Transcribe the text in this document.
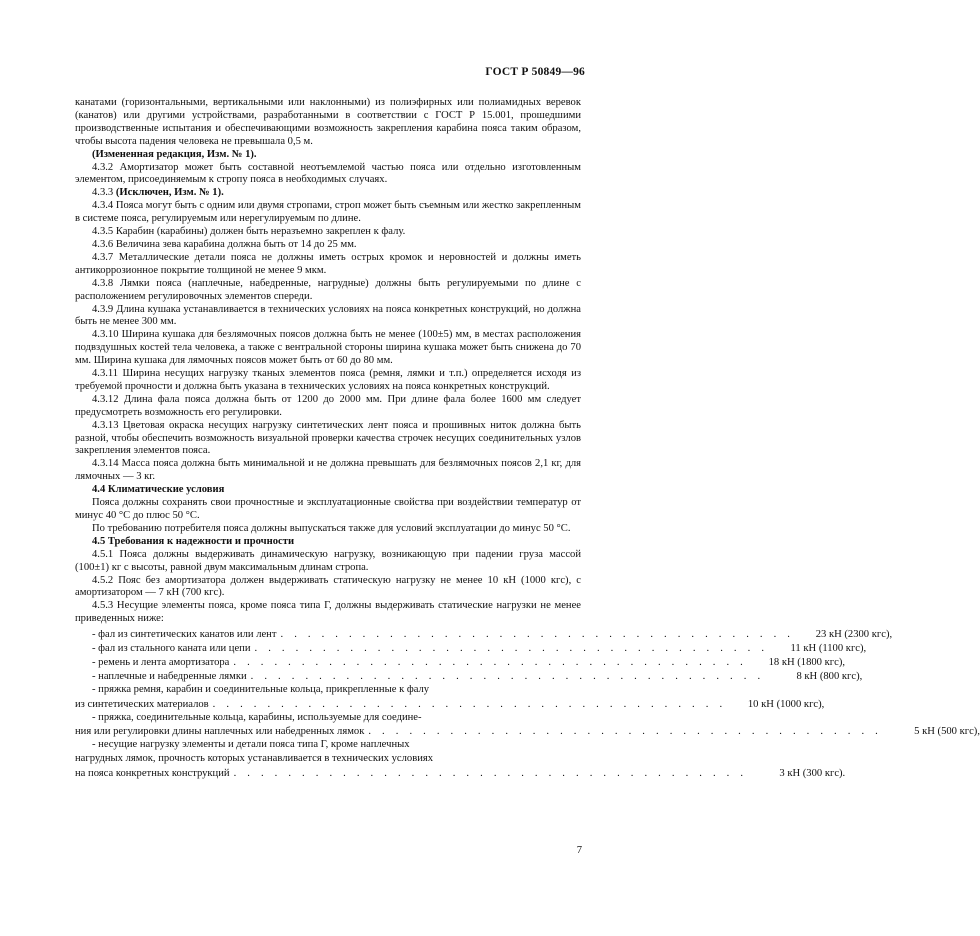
ГОСТ Р 50849—96

канатами (горизонтальными, вертикальными или наклонными) из полиэфирных или полиамидных веревок (канатов) или другими устройствами, разработанными в соответствии с ГОСТ Р 15.001, прошедшими производственные испытания и обеспечивающими возможность закрепления карабина пояса таким образом, чтобы высота падения человека не превышала 0,5 м.

(Измененная редакция, Изм. № 1).

4.3.2 Амортизатор может быть составной неотъемлемой частью пояса или отдельно изготовленным элементом, присоединяемым к стропу пояса в необходимых случаях.

4.3.3 (Исключен, Изм. № 1).

4.3.4 Пояса могут быть с одним или двумя стропами, строп может быть съемным или жестко закрепленным в системе пояса, регулируемым или нерегулируемым по длине.

4.3.5 Карабин (карабины) должен быть неразъемно закреплен к фалу.

4.3.6 Величина зева карабина должна быть от 14 до 25 мм.

4.3.7 Металлические детали пояса не должны иметь острых кромок и неровностей и должны иметь антикоррозионное покрытие толщиной не менее 9 мкм.

4.3.8 Лямки пояса (наплечные, набедренные, нагрудные) должны быть регулируемыми по длине с расположением регулировочных элементов спереди.

4.3.9 Длина кушака устанавливается в технических условиях на пояса конкретных конструкций, но должна быть не менее 300 мм.

4.3.10 Ширина кушака для безлямочных поясов должна быть не менее (100±5) мм, в местах расположения подвздушных костей тела человека, а также с вентральной стороны ширина кушака может быть снижена до 70 мм. Ширина кушака для лямочных поясов может быть от 60 до 80 мм.

4.3.11 Ширина несущих нагрузку тканых элементов пояса (ремня, лямки и т.п.) определяется исходя из требуемой прочности и должна быть указана в технических условиях на пояса конкретных конструкций.

4.3.12 Длина фала пояса должна быть от 1200 до 2000 мм. При длине фала более 1600 мм следует предусмотреть возможность его регулировки.

4.3.13 Цветовая окраска несущих нагрузку синтетических лент пояса и прошивных ниток должна быть разной, чтобы обеспечить возможность визуальной проверки качества строчек несущих соединительных узлов закрепления элементов пояса.

4.3.14 Масса пояса должна быть минимальной и не должна превышать для безлямочных поясов 2,1 кг, для лямочных — 3 кг.

4.4 Климатические условия

Пояса должны сохранять свои прочностные и эксплуатационные свойства при воздействии температур от минус 40 °С до плюс 50 °С.

По требованию потребителя пояса должны выпускаться также для условий эксплуатации до минус 50 °С.

4.5 Требования к надежности и прочности

4.5.1 Пояса должны выдерживать динамическую нагрузку, возникающую при падении груза массой (100±1) кг с высоты, равной двум максимальным длинам стропа.

4.5.2 Пояс без амортизатора должен выдерживать статическую нагрузку не менее 10 кН (1000 кгс), с амортизатором — 7 кН (700 кгс).

4.5.3 Несущие элементы пояса, кроме пояса типа Г, должны выдерживать статические нагрузки не менее приведенных ниже:

- фал из синтетических канатов или лент . . . . . . . . . . . . . . . . . . . . . . . . . . . . . . . . . . . . . .	23 кН (2300 кгс),
- фал из стального каната или цепи . . . . . . . . . . . . . . . . . . . . . . . . . . . . . . . . . . . . . .	11 кН (1100 кгс),
- ремень и лента амортизатора . . . . . . . . . . . . . . . . . . . . . . . . . . . . . . . . . . . . . .	18 кН (1800 кгс),
- наплечные и набедренные лямки . . . . . . . . . . . . . . . . . . . . . . . . . . . . . . . . . . . . . .	8 кН (800 кгс),
- пряжка ремня, карабин и соединительные кольца, прикрепленные к фалу
из синтетических материалов . . . . . . . . . . . . . . . . . . . . . . . . . . . . . . . . . . . . . .	10 кН (1000 кгс),
- пряжка, соединительные кольца, карабины, используемые для соедине-
ния или регулировки длины наплечных или набедренных лямок . . . . . . . . . . . . . . . . . . . . . . . . . . . . . . . . . . . . . .	5 кН (500 кгс),
- несущие нагрузку элементы и детали пояса типа Г, кроме наплечных
нагрудных лямок, прочность которых устанавливается в технических условиях
на пояса конкретных конструкций . . . . . . . . . . . . . . . . . . . . . . . . . . . . . . . . . . . . . .	3 кН (300 кгс).
7
